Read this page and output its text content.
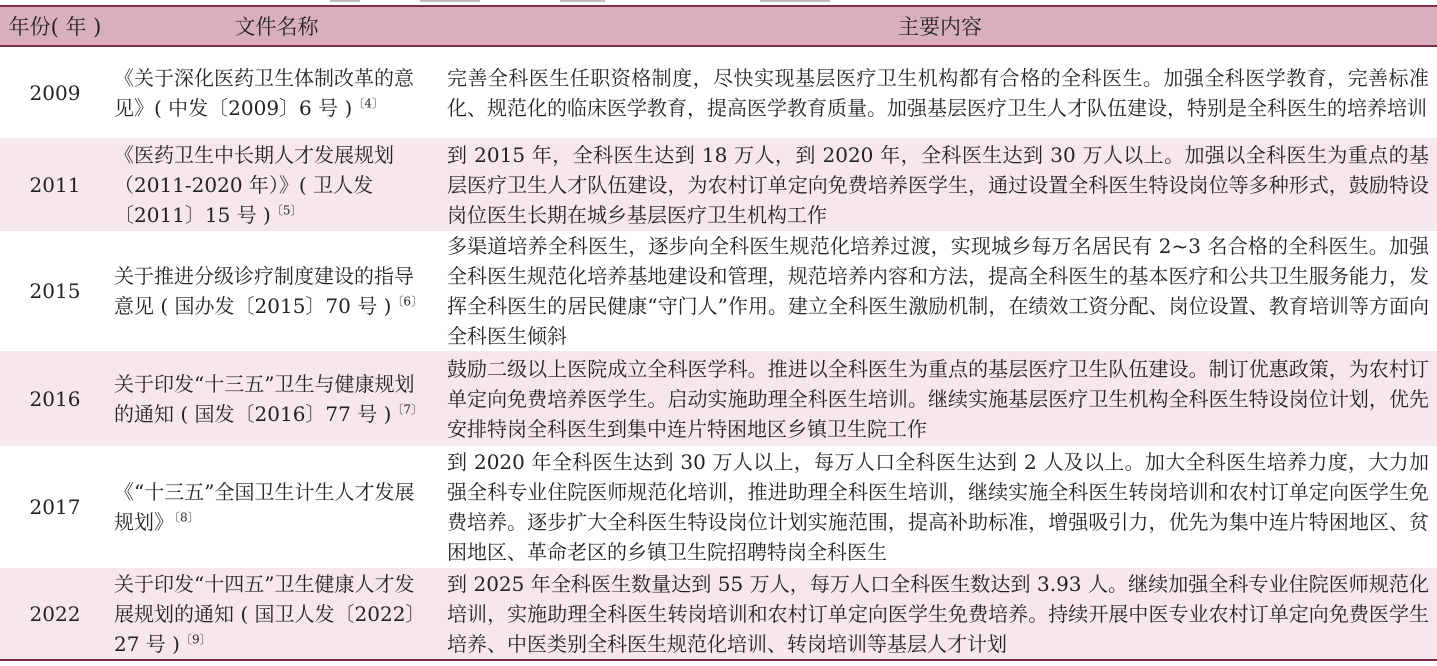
年份( 年 )	文件名称	主要内容
2009	《关于深化医药卫生体制改革的意见》( 中发〔2009〕6 号 )$^{〔4〕}$	完善全科医生任职资格制度，尽快实现基层医疗卫生机构都有合格的全科医生。加强全科医学教育，完善标准化、规范化的临床医学教育，提高医学教育质量。加强基层医疗卫生人才队伍建设，特别是全科医生的培养培训
2011	《医药卫生中长期人才发展规划（2011-2020 年）》( 卫人发〔2011〕15 号 )$^{〔5〕}$	到 2015 年，全科医生达到 18 万人，到 2020 年，全科医生达到 30 万人以上。加强以全科医生为重点的基层医疗卫生人才队伍建设，为农村订单定向免费培养医学生，通过设置全科医生特设岗位等多种形式，鼓励特设岗位医生长期在城乡基层医疗卫生机构工作
2015	关于推进分级诊疗制度建设的指导意见 ( 国办发〔2015〕70 号 )$^{〔6〕}$	多渠道培养全科医生，逐步向全科医生规范化培养过渡，实现城乡每万名居民有 2~3 名合格的全科医生。加强全科医生规范化培养基地建设和管理，规范培养内容和方法，提高全科医生的基本医疗和公共卫生服务能力，发挥全科医生的居民健康“守门人”作用。建立全科医生激励机制，在绩效工资分配、岗位设置、教育培训等方面向全科医生倾斜
2016	关于印发“十三五”卫生与健康规划的通知 ( 国发〔2016〕77 号 )$^{〔7〕}$	鼓励二级以上医院成立全科医学科。推进以全科医生为重点的基层医疗卫生队伍建设。制订优惠政策，为农村订单定向免费培养医学生。启动实施助理全科医生培训。继续实施基层医疗卫生机构全科医生特设岗位计划，优先安排特岗全科医生到集中连片特困地区乡镇卫生院工作
2017	《“十三五”全国卫生计生人才发展规划》$^{〔8〕}$	到 2020 年全科医生达到 30 万人以上，每万人口全科医生达到 2 人及以上。加大全科医生培养力度，大力加强全科专业住院医师规范化培训，推进助理全科医生培训，继续实施全科医生转岗培训和农村订单定向医学生免费培养。逐步扩大全科医生特设岗位计划实施范围，提高补助标准，增强吸引力，优先为集中连片特困地区、贫困地区、革命老区的乡镇卫生院招聘特岗全科医生
2022	关于印发“十四五”卫生健康人才发展规划的通知 ( 国卫人发〔2022〕27 号 )$^{〔9〕}$	到 2025 年全科医生数量达到 55 万人，每万人口全科医生数达到 3.93 人。继续加强全科专业住院医师规范化培训，实施助理全科医生转岗培训和农村订单定向医学生免费培养。持续开展中医专业农村订单定向免费医学生培养、中医类别全科医生规范化培训、转岗培训等基层人才计划
